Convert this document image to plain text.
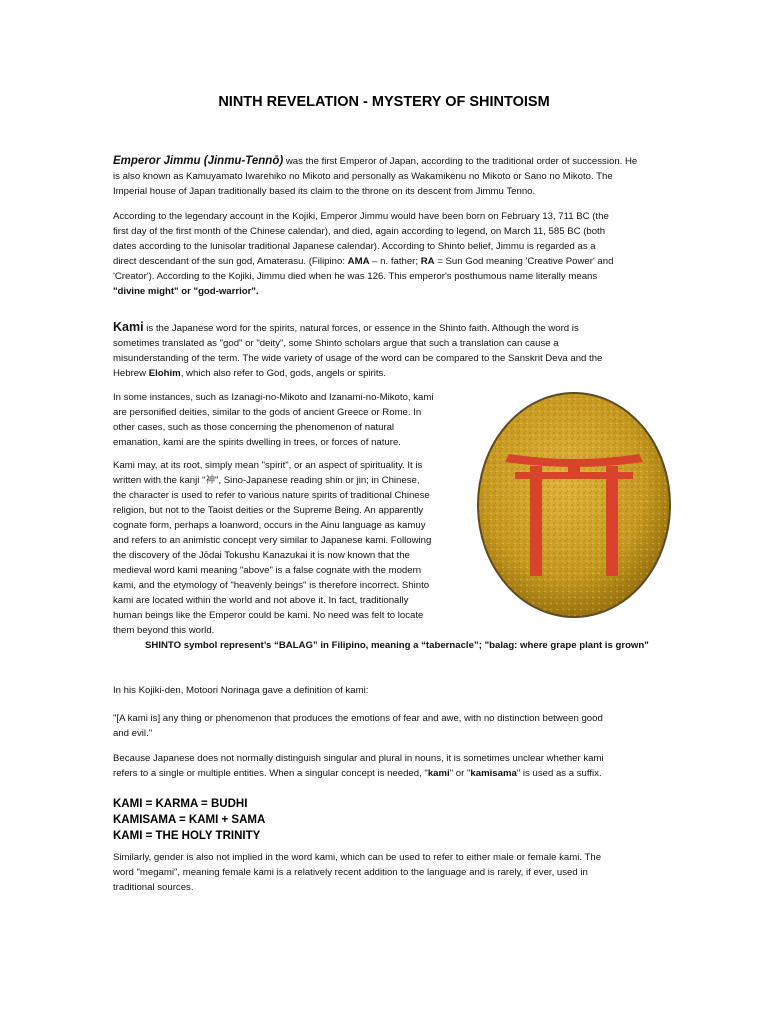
NINTH REVELATION - MYSTERY OF SHINTOISM
Emperor Jimmu (Jinmu-Tennō) was the first Emperor of Japan, according to the traditional order of succession. He
is also known as Kamuyamato Iwarehiko no Mikoto and personally as Wakamikenu no Mikoto or Sano no Mikoto. The
Imperial house of Japan traditionally based its claim to the throne on its descent from Jimmu Tenno.
According to the legendary account in the Kojiki, Emperor Jimmu would have been born on February 13, 711 BC (the
first day of the first month of the Chinese calendar), and died, again according to legend, on March 11, 585 BC (both
dates according to the lunisolar traditional Japanese calendar). According to Shinto belief, Jimmu is regarded as a
direct descendant of the sun god, Amaterasu. (Filipino: AMA – n. father; RA = Sun God meaning 'Creative Power' and
'Creator'). According to the Kojiki, Jimmu died when he was 126. This emperor's posthumous name literally means
"divine might" or "god-warrior".
Kami is the Japanese word for the spirits, natural forces, or essence in the Shinto faith. Although the word is
sometimes translated as "god" or "deity", some Shinto scholars argue that such a translation can cause a
misunderstanding of the term. The wide variety of usage of the word can be compared to the Sanskrit Deva and the
Hebrew Elohim, which also refer to God, gods, angels or spirits.
In some instances, such as Izanagi-no-Mikoto and Izanami-no-Mikoto, kami
are personified deities, similar to the gods of ancient Greece or Rome. In
other cases, such as those concerning the phenomenon of natural
emanation, kami are the spirits dwelling in trees, or forces of nature.
Kami may, at its root, simply mean "spirit", or an aspect of spirituality. It is
written with the kanji "神", Sino-Japanese reading shin or jin; in Chinese,
the character is used to refer to various nature spirits of traditional Chinese
religion, but not to the Taoist deities or the Supreme Being. An apparently
cognate form, perhaps a loanword, occurs in the Ainu language as kamuy
and refers to an animistic concept very similar to Japanese kami. Following
the discovery of the Jōdai Tokushu Kanazukai it is now known that the
medieval word kami meaning "above" is a false cognate with the modern
kami, and the etymology of "heavenly beings" is therefore incorrect. Shinto
kami are located within the world and not above it. In fact, traditionally
human beings like the Emperor could be kami. No need was felt to locate
them beyond this world.
SHINTO symbol represent’s “BALAG” in Filipino, meaning a “tabernacle”; "balag: where grape plant is grown"
In his Kojiki-den, Motoori Norinaga gave a definition of kami:
"[A kami is] any thing or phenomenon that produces the emotions of fear and awe, with no distinction between good
and evil."
Because Japanese does not normally distinguish singular and plural in nouns, it is sometimes unclear whether kami
refers to a single or multiple entities. When a singular concept is needed, "kami" or "kamisama" is used as a suffix.
KAMI = KARMA = BUDHI
KAMISAMA = KAMI + SAMA
KAMI = THE HOLY TRINITY
Similarly, gender is also not implied in the word kami, which can be used to refer to either male or female kami. The
word "megami", meaning female kami is a relatively recent addition to the language and is rarely, if ever, used in
traditional sources.
